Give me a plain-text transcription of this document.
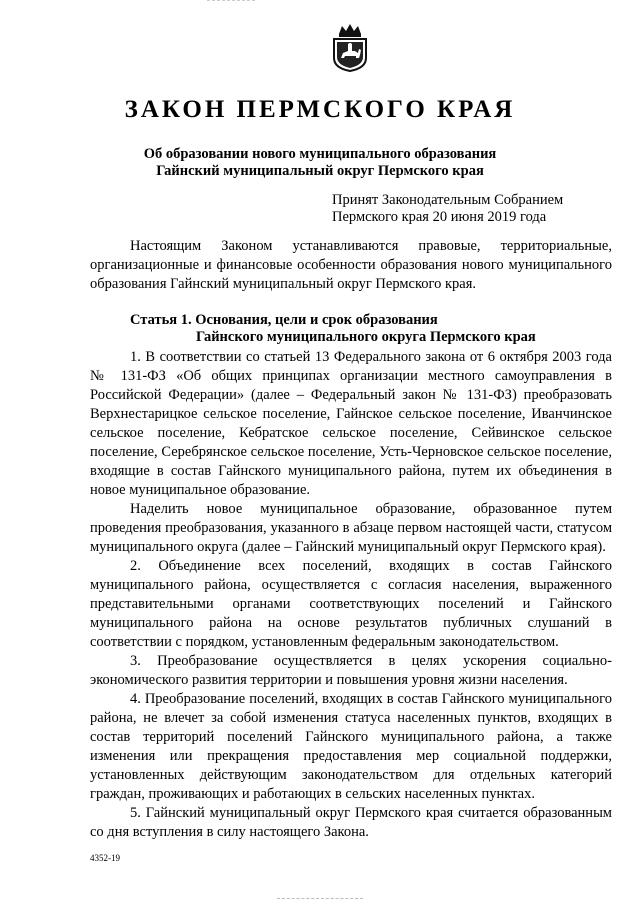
ЗАКОН ПЕРМСКОГО КРАЯ
Об образовании нового муниципального образования
Гайнский муниципальный округ Пермского края
Принят Законодательным Собранием
Пермского края 20 июня 2019 года

Настоящим Законом устанавливаются правовые, территориальные, организационные и финансовые особенности образования нового муниципального образования Гайнский муниципальный округ Пермского края.

Статья 1. Основания, цели и срок образования
Гайнского муниципального округа Пермского края

1. В соответствии со статьей 13 Федерального закона от 6 октября 2003 года № 131-ФЗ «Об общих принципах организации местного самоуправления в Российской Федерации» (далее – Федеральный закон № 131-ФЗ) преобразовать Верхнестарицкое сельское поселение, Гайнское сельское поселение, Иванчинское сельское поселение, Кебратское сельское поселение, Сейвинское сельское поселение, Серебрянское сельское поселение, Усть-Черновское сельское поселение, входящие в состав Гайнского муниципального района, путем их объединения в новое муниципальное образование.

Наделить новое муниципальное образование, образованное путем проведения преобразования, указанного в абзаце первом настоящей части, статусом муниципального округа (далее – Гайнский муниципальный округ Пермского края).

2. Объединение всех поселений, входящих в состав Гайнского муниципального района, осуществляется с согласия населения, выраженного представительными органами соответствующих поселений и Гайнского муниципального района на основе результатов публичных слушаний в соответствии с порядком, установленным федеральным законодательством.

3. Преобразование осуществляется в целях ускорения социально-экономического развития территории и повышения уровня жизни населения.

4. Преобразование поселений, входящих в состав Гайнского муниципального района, не влечет за собой изменения статуса населенных пунктов, входящих в состав территорий поселений Гайнского муниципального района, а также изменения или прекращения предоставления мер социальной поддержки, установленных действующим законодательством для отдельных категорий граждан, проживающих и работающих в сельских населенных пунктах.

5. Гайнский муниципальный округ Пермского края считается образованным со дня вступления в силу настоящего Закона.

4352-19
